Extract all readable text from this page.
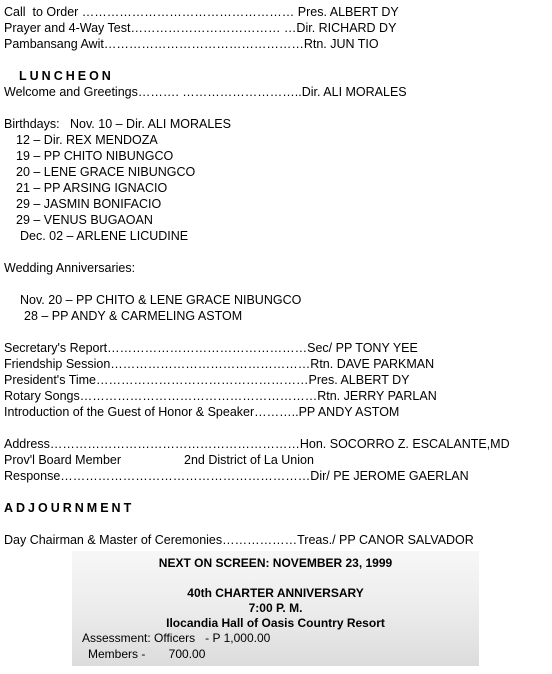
Call  to Order …………………………………………… Pres. ALBERT DY
Prayer and 4-Way Test……………………………… …Dir. RICHARD DY
Pambansang Awit…………………………………………Rtn. JUN TIO
LUNCHEON
Welcome and Greetings………. ………………………..Dir. ALI MORALES
Birthdays:   Nov. 10 – Dir. ALI MORALES
12 – Dir. REX MENDOZA
19 – PP CHITO NIBUNGCO
20 – LENE GRACE NIBUNGCO
21 – PP ARSING IGNACIO
29 – JASMIN BONIFACIO
29 – VENUS BUGAOAN
Dec. 02 – ARLENE LICUDINE
Wedding Anniversaries:
Nov. 20 – PP CHITO & LENE GRACE NIBUNGCO
28 – PP ANDY & CARMELING ASTOM
Secretary's Report…………………………………………Sec/ PP TONY YEE
Friendship Session…………………………………………Rtn. DAVE PARKMAN
President's Time……………………………………………Pres. ALBERT DY
Rotary Songs…………………………………………………Rtn. JERRY PARLAN
Introduction of the Guest of Honor & Speaker………..PP ANDY ASTOM
Address……………………………………………………Hon. SOCORRO Z. ESCALANTE,MD
Prov'l Board Member	2nd District of La Union
Response……………………………………………………Dir/ PE JEROME GAERLAN
ADJOURNMENT
Day Chairman & Master of Ceremonies………………Treas./ PP CANOR SALVADOR
NEXT ON SCREEN: NOVEMBER 23, 1999
40th CHARTER ANNIVERSARY
7:00 P. M.
Ilocandia Hall of Oasis Country Resort
Assessment: Officers   - P 1,000.00
Members -       700.00
